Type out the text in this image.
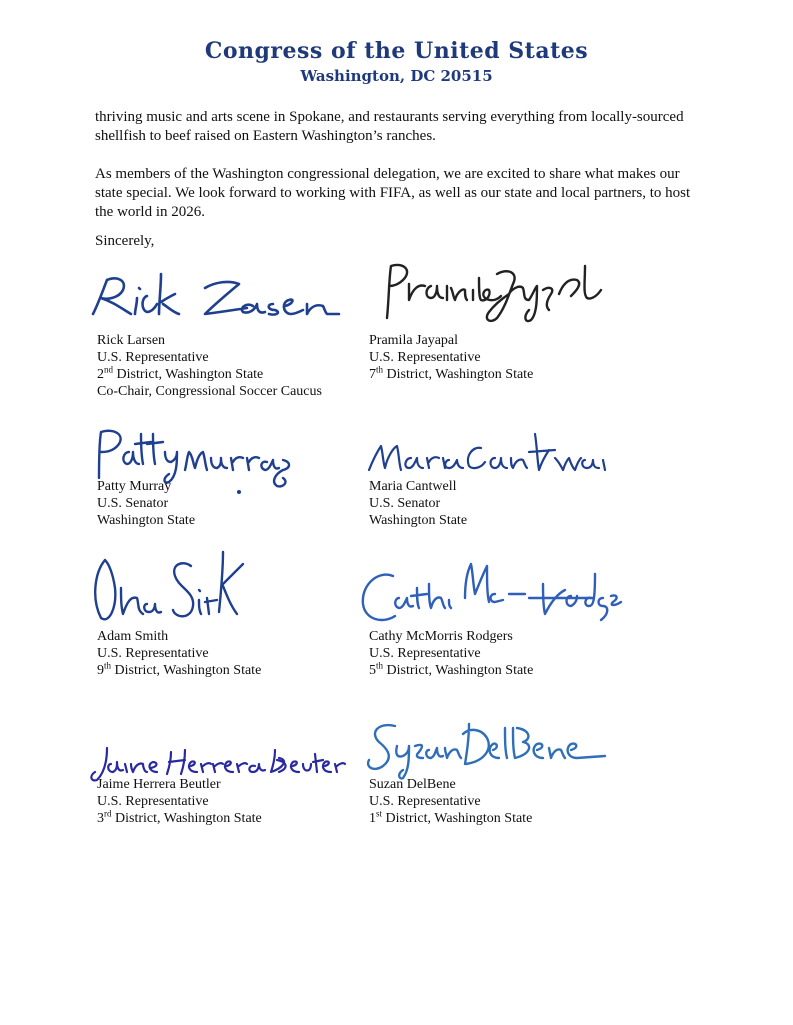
Congress of the United States
Washington, DC 20515

thriving music and arts scene in Spokane, and restaurants serving everything from locally-sourced shellfish to beef raised on Eastern Washington’s ranches.

As members of the Washington congressional delegation, we are excited to share what makes our state special. We look forward to working with FIFA, as well as our state and local partners, to host the world in 2026.

Sincerely,

Rick Larsen
U.S. Representative
2nd District, Washington State
Co-Chair, Congressional Soccer Caucus
Pramila Jayapal
U.S. Representative
7th District, Washington State
Patty Murray
U.S. Senator
Washington State
Maria Cantwell
U.S. Senator
Washington State
Adam Smith
U.S. Representative
9th District, Washington State
Cathy McMorris Rodgers
U.S. Representative
5th District, Washington State
Jaime Herrera Beutler
U.S. Representative
3rd District, Washington State
Suzan DelBene
U.S. Representative
1st District, Washington State
